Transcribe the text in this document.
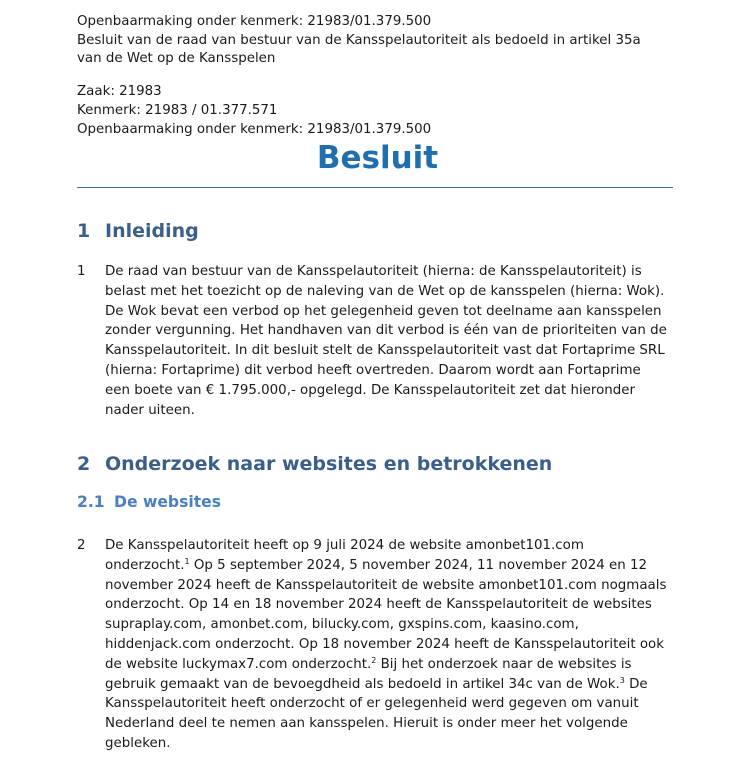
Openbaarmaking onder kenmerk: 21983/01.379.500
Besluit van de raad van bestuur van de Kansspelautoriteit als bedoeld in artikel 35a
van de Wet op de Kansspelen
Zaak: 21983
Kenmerk: 21983 / 01.377.571
Openbaarmaking onder kenmerk: 21983/01.379.500
Besluit
1 Inleiding
1 De raad van bestuur van de Kansspelautoriteit (hierna: de Kansspelautoriteit) is
belast met het toezicht op de naleving van de Wet op de kansspelen (hierna: Wok).
De Wok bevat een verbod op het gelegenheid geven tot deelname aan kansspelen
zonder vergunning. Het handhaven van dit verbod is één van de prioriteiten van de
Kansspelautoriteit. In dit besluit stelt de Kansspelautoriteit vast dat Fortaprime SRL
(hierna: Fortaprime) dit verbod heeft overtreden. Daarom wordt aan Fortaprime
een boete van € 1.795.000,- opgelegd. De Kansspelautoriteit zet dat hieronder
nader uiteen.
2 Onderzoek naar websites en betrokkenen
2.1 De websites
2 De Kansspelautoriteit heeft op 9 juli 2024 de website amonbet101.com
onderzocht.$^1$ Op 5 september 2024, 5 november 2024, 11 november 2024 en 12
november 2024 heeft de Kansspelautoriteit de website amonbet101.com nogmaals
onderzocht. Op 14 en 18 november 2024 heeft de Kansspelautoriteit de websites
supraplay.com, amonbet.com, bilucky.com, gxspins.com, kaasino.com,
hiddenjack.com onderzocht. Op 18 november 2024 heeft de Kansspelautoriteit ook
de website luckymax7.com onderzocht.$^2$ Bij het onderzoek naar de websites is
gebruik gemaakt van de bevoegdheid als bedoeld in artikel 34c van de Wok.$^3$ De
Kansspelautoriteit heeft onderzocht of er gelegenheid werd gegeven om vanuit
Nederland deel te nemen aan kansspelen. Hieruit is onder meer het volgende
gebleken.
